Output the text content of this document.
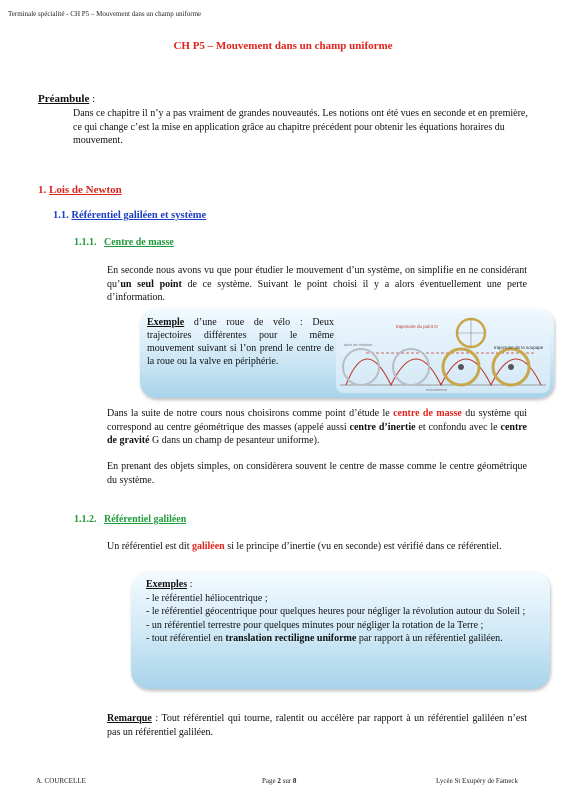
Terminale spécialité - CH P5 – Mouvement dans un champ uniforme
CH P5 – Mouvement dans un champ uniforme
Préambule :
Dans ce chapitre il n’y a pas vraiment de grandes nouveautés. Les notions ont été vues en seconde et en première, ce qui change c’est la mise en application grâce au chapitre précédent pour obtenir les équations horaires du mouvement.
1. Lois de Newton
1.1. Référentiel galiléen et système
1.1.1. Centre de masse
En seconde nous avons vu que pour étudier le mouvement d’un système, on simplifie en ne considérant qu’un seul point de ce système. Suivant le point choisi il y a alors éventuellement une perte d’information.
Exemple d’une roue de vélo : Deux trajectoires différentes pour le même mouvement suivant si l’on prend le centre de la roue ou la valve en périphérie.
trajectoire du point O
trajectoire de la soupape
suivi de rotation
mouvement
Dans la suite de notre cours nous choisirons comme point d’étude le centre de masse du système qui correspond au centre géométrique des masses (appelé aussi centre d’inertie et confondu avec le centre de gravité G dans un champ de pesanteur uniforme).
En prenant des objets simples, on considèrera souvent le centre de masse comme le centre géométrique du système.
1.1.2. Référentiel galiléen
Un référentiel est dit galiléen si le principe d’inertie (vu en seconde) est vérifié dans ce référentiel.
Exemples :
- le référentiel héliocentrique ;
- le référentiel géocentrique pour quelques heures pour négliger la révolution autour du Soleil ;
- un référentiel terrestre pour quelques minutes pour négliger la rotation de la Terre ;
- tout référentiel en translation rectiligne uniforme par rapport à un référentiel galiléen.
Remarque : Tout référentiel qui tourne, ralentit ou accélère par rapport à un référentiel galiléen n’est pas un référentiel galiléen.
A. COURCELLE	Page 2 sur 8	Lycée St Exupéry de Fameck
